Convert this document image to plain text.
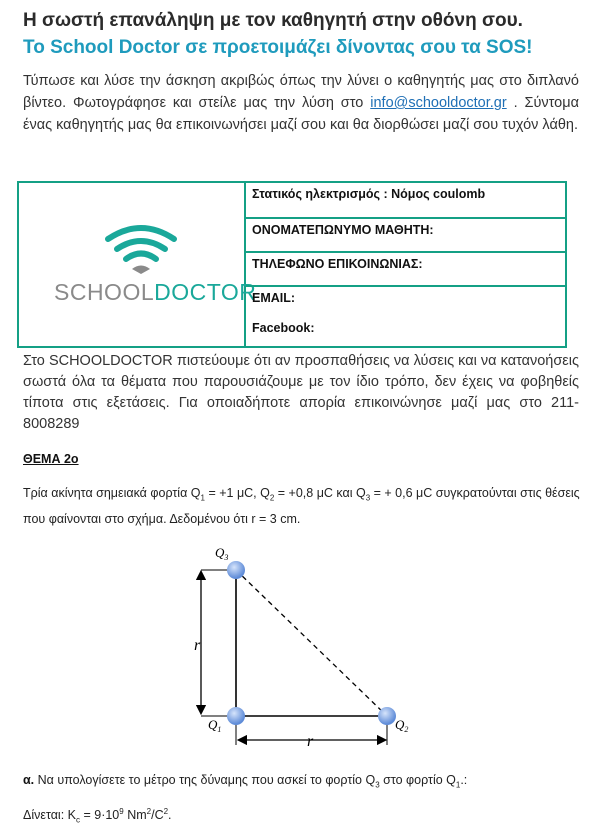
Η σωστή επανάληψη με τον καθηγητή στην οθόνη σου.
Το School Doctor σε προετοιμάζει δίνοντας σου τα SOS!
Τύπωσε και λύσε την άσκηση ακριβώς όπως την λύνει ο καθηγητής μας στο διπλανό βίντεο. Φωτογράφησε και στείλε μας την λύση στο info@schooldoctor.gr . Σύντομα ένας καθηγητής μας θα επικοινωνήσει μαζί σου και θα διορθώσει μαζί σου τυχόν λάθη.
SCHOOLDOCTOR
Στατικός ηλεκτρισμός : Νόμος coulomb
ΟΝΟΜΑΤΕΠΩΝΥΜΟ ΜΑΘΗΤΗ:
ΤΗΛΕΦΩΝΟ ΕΠΙΚΟΙΝΩΝΙΑΣ:
EMAIL:
Facebook:
Στο SCHOOLDOCTOR πιστεύουμε ότι αν προσπαθήσεις να λύσεις και να κατανοήσεις σωστά όλα τα θέματα που παρουσιάζουμε με τον ίδιο τρόπο, δεν έχεις να φοβηθείς τίποτα στις εξετάσεις. Για οποιαδήποτε απορία επικοινώνησε μαζί μας στο 211-8008289
ΘΕΜΑ 2ο
Τρία ακίνητα σημειακά φορτία $Q_1 = +1$ μC, $Q_2 = +0,8$ μC και $Q_3$ = + 0,6 μC συγκρατούνται στις θέσεις που φαίνονται στο σχήμα. Δεδομένου ότι r = 3 cm.
$Q_3$
$Q_1$	$Q_2$
r
r
α. Να υπολογίσετε το μέτρο της δύναμης που ασκεί το φορτίο $Q_3$ στο φορτίο $Q_1$.:
Δίνεται: $K_c = 9\cdot 10^9$ $Nm^2/C^2$.
